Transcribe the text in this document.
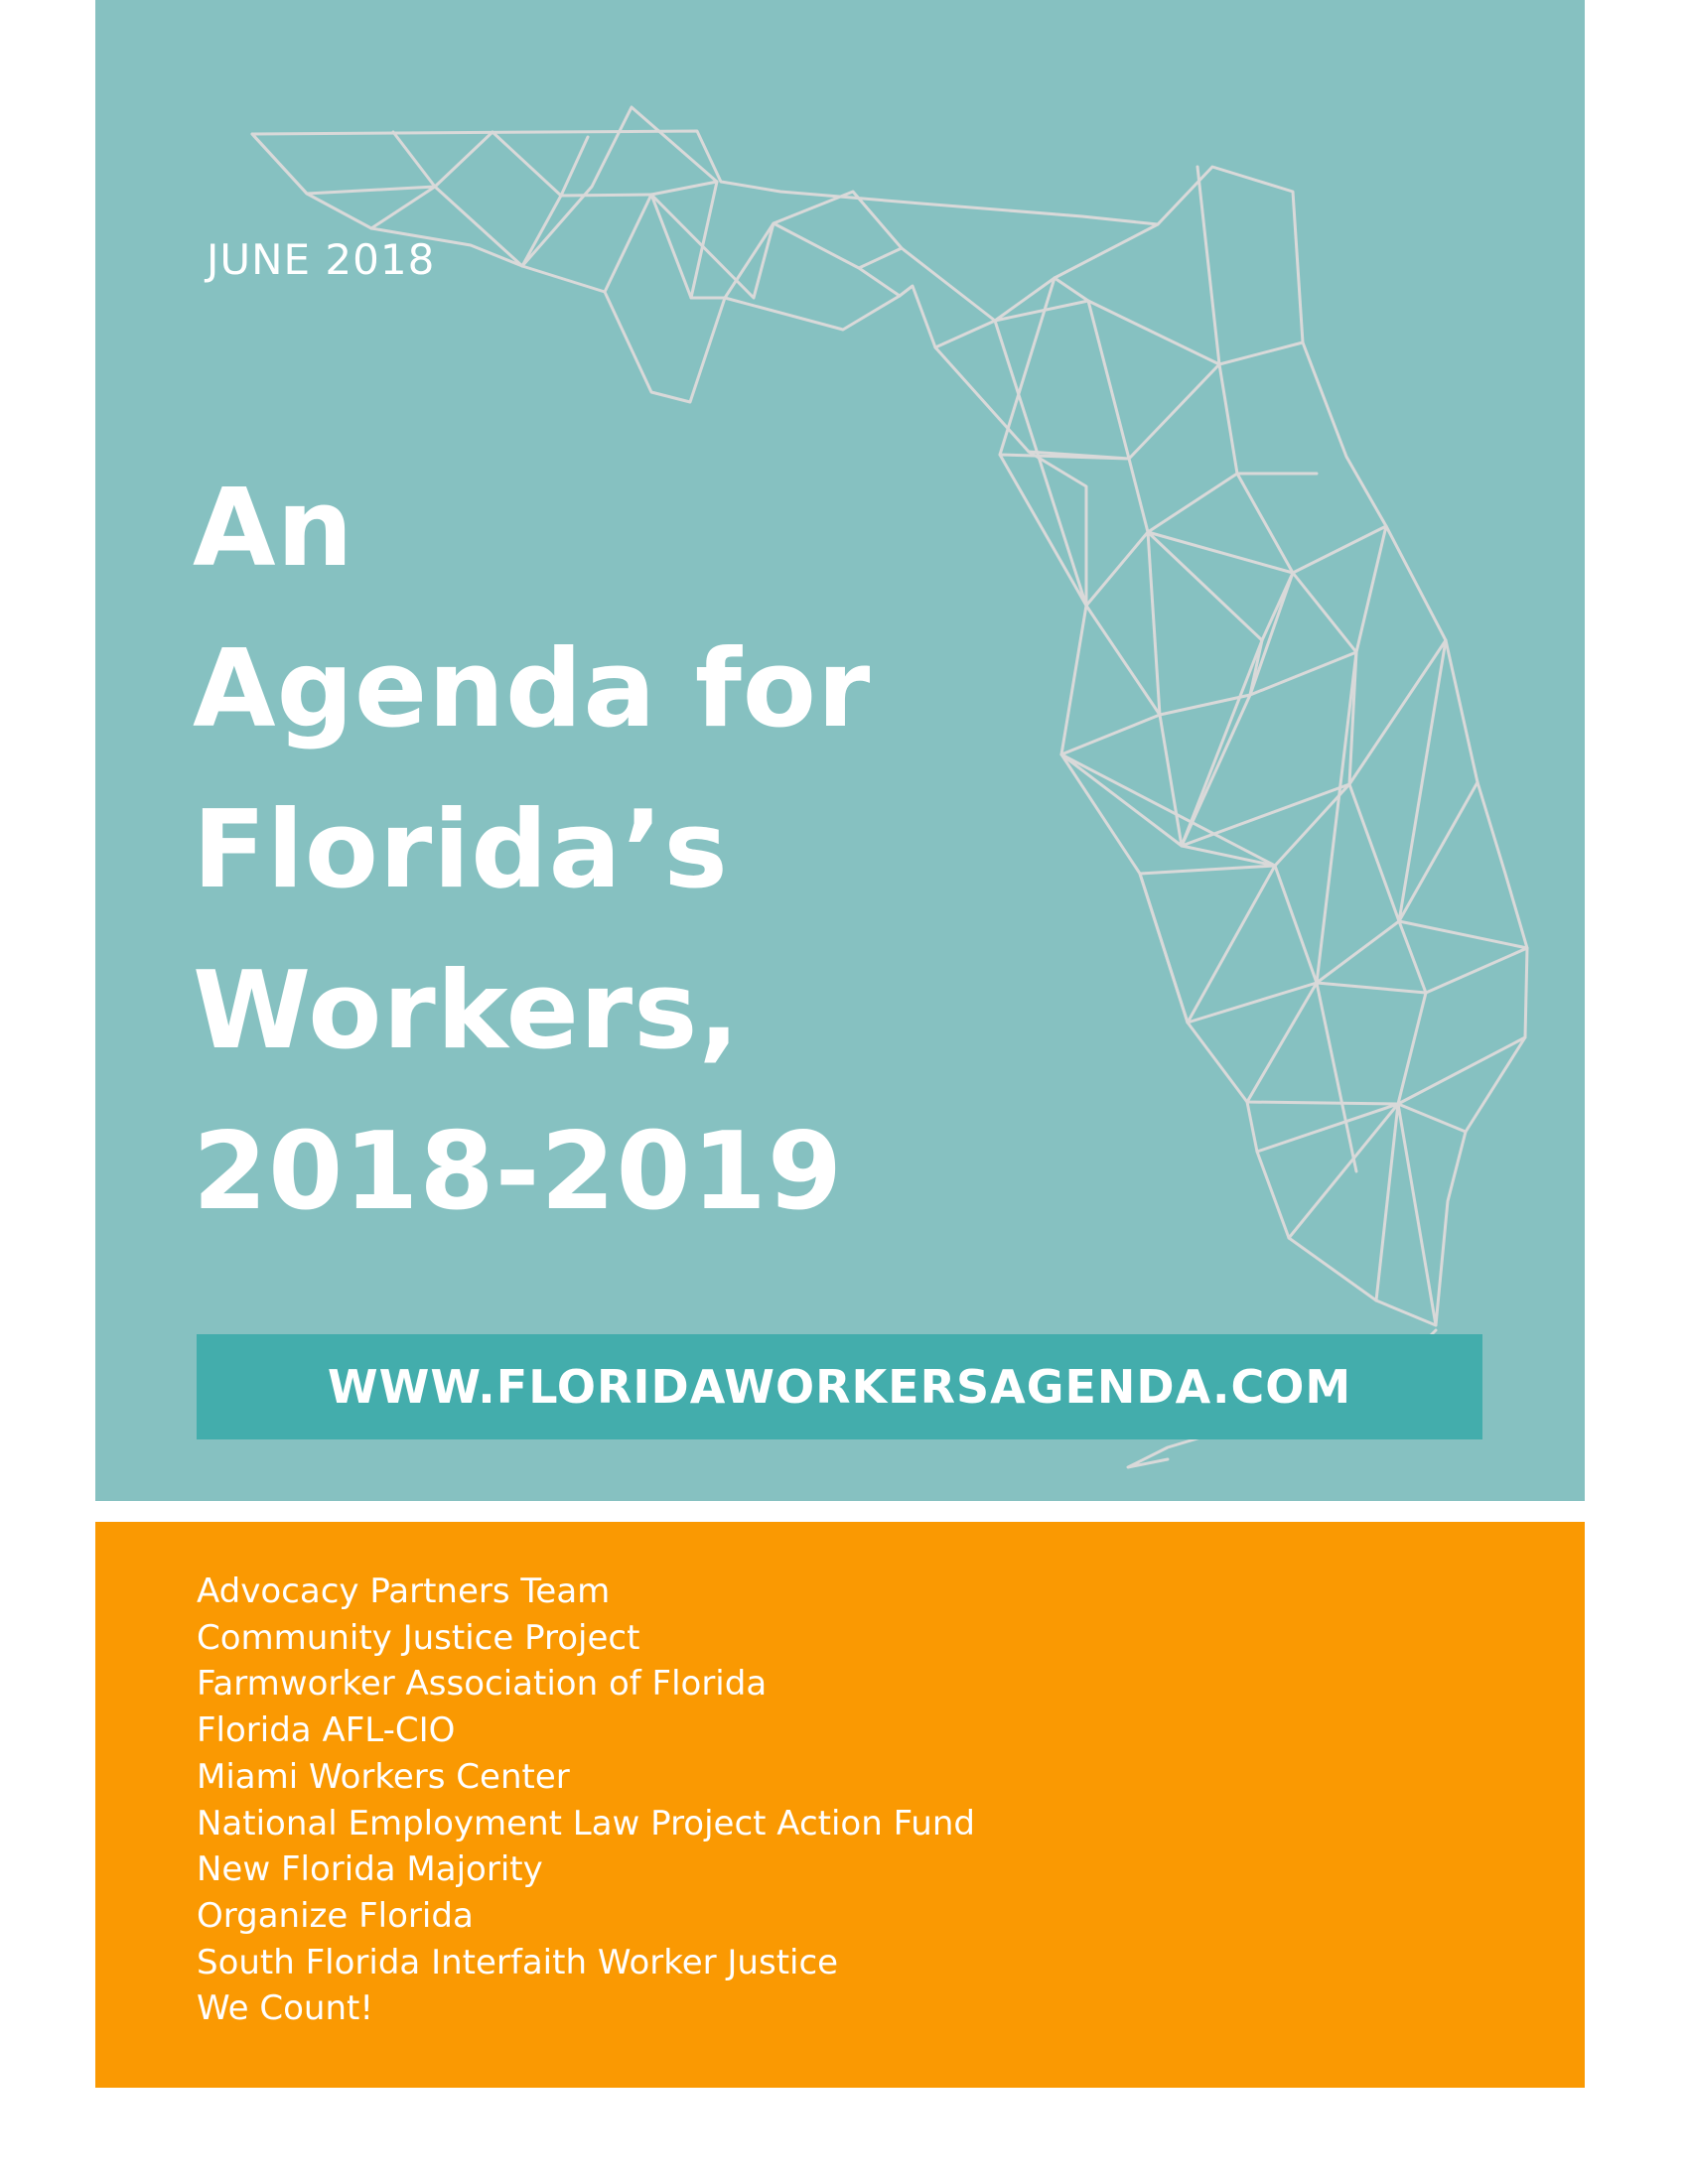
JUNE 2018

An
Agenda for
Florida’s
Workers,
2018-2019
WWW.FLORIDAWORKERSAGENDA.COM
Advocacy Partners Team
Community Justice Project
Farmworker Association of Florida
Florida AFL-CIO
Miami Workers Center
National Employment Law Project Action Fund
New Florida Majority
Organize Florida
South Florida Interfaith Worker Justice
We Count!
